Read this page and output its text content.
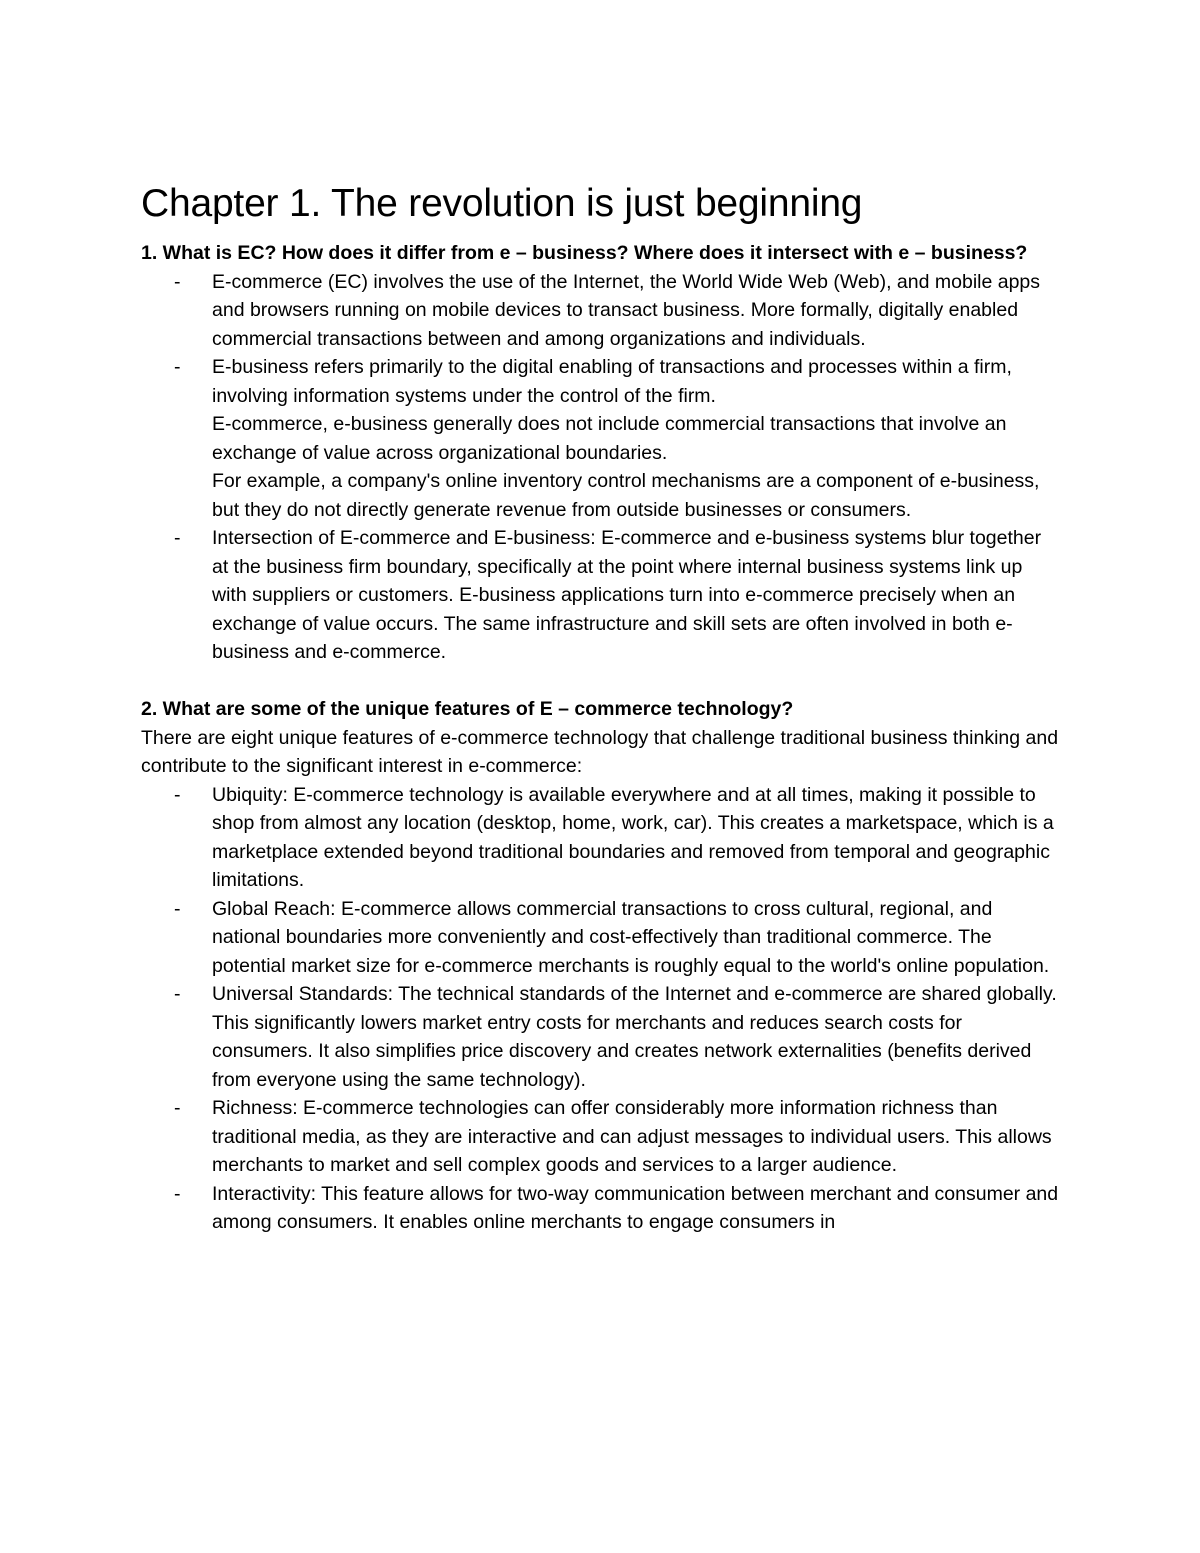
Chapter 1. The revolution is just beginning

1. What is EC? How does it differ from e – business? Where does it intersect with e – business?

- E-commerce (EC) involves the use of the Internet, the World Wide Web (Web), and mobile apps and browsers running on mobile devices to transact business. More formally, digitally enabled commercial transactions between and among organizations and individuals.
- E-business refers primarily to the digital enabling of transactions and processes within a firm, involving information systems under the control of the firm.
E-commerce, e-business generally does not include commercial transactions that involve an exchange of value across organizational boundaries.
For example, a company's online inventory control mechanisms are a component of e-business, but they do not directly generate revenue from outside businesses or consumers.
- Intersection of E-commerce and E-business: E-commerce and e-business systems blur together at the business firm boundary, specifically at the point where internal business systems link up with suppliers or customers. E-business applications turn into e-commerce precisely when an exchange of value occurs. The same infrastructure and skill sets are often involved in both e-business and e-commerce.

2. What are some of the unique features of E – commerce technology?

There are eight unique features of e-commerce technology that challenge traditional business thinking and contribute to the significant interest in e-commerce:

- Ubiquity: E-commerce technology is available everywhere and at all times, making it possible to shop from almost any location (desktop, home, work, car). This creates a marketspace, which is a marketplace extended beyond traditional boundaries and removed from temporal and geographic limitations.
- Global Reach: E-commerce allows commercial transactions to cross cultural, regional, and national boundaries more conveniently and cost-effectively than traditional commerce. The potential market size for e-commerce merchants is roughly equal to the world's online population.
- Universal Standards: The technical standards of the Internet and e-commerce are shared globally. This significantly lowers market entry costs for merchants and reduces search costs for consumers. It also simplifies price discovery and creates network externalities (benefits derived from everyone using the same technology).
- Richness: E-commerce technologies can offer considerably more information richness than traditional media, as they are interactive and can adjust messages to individual users. This allows merchants to market and sell complex goods and services to a larger audience.
- Interactivity: This feature allows for two-way communication between merchant and consumer and among consumers. It enables online merchants to engage consumers in
